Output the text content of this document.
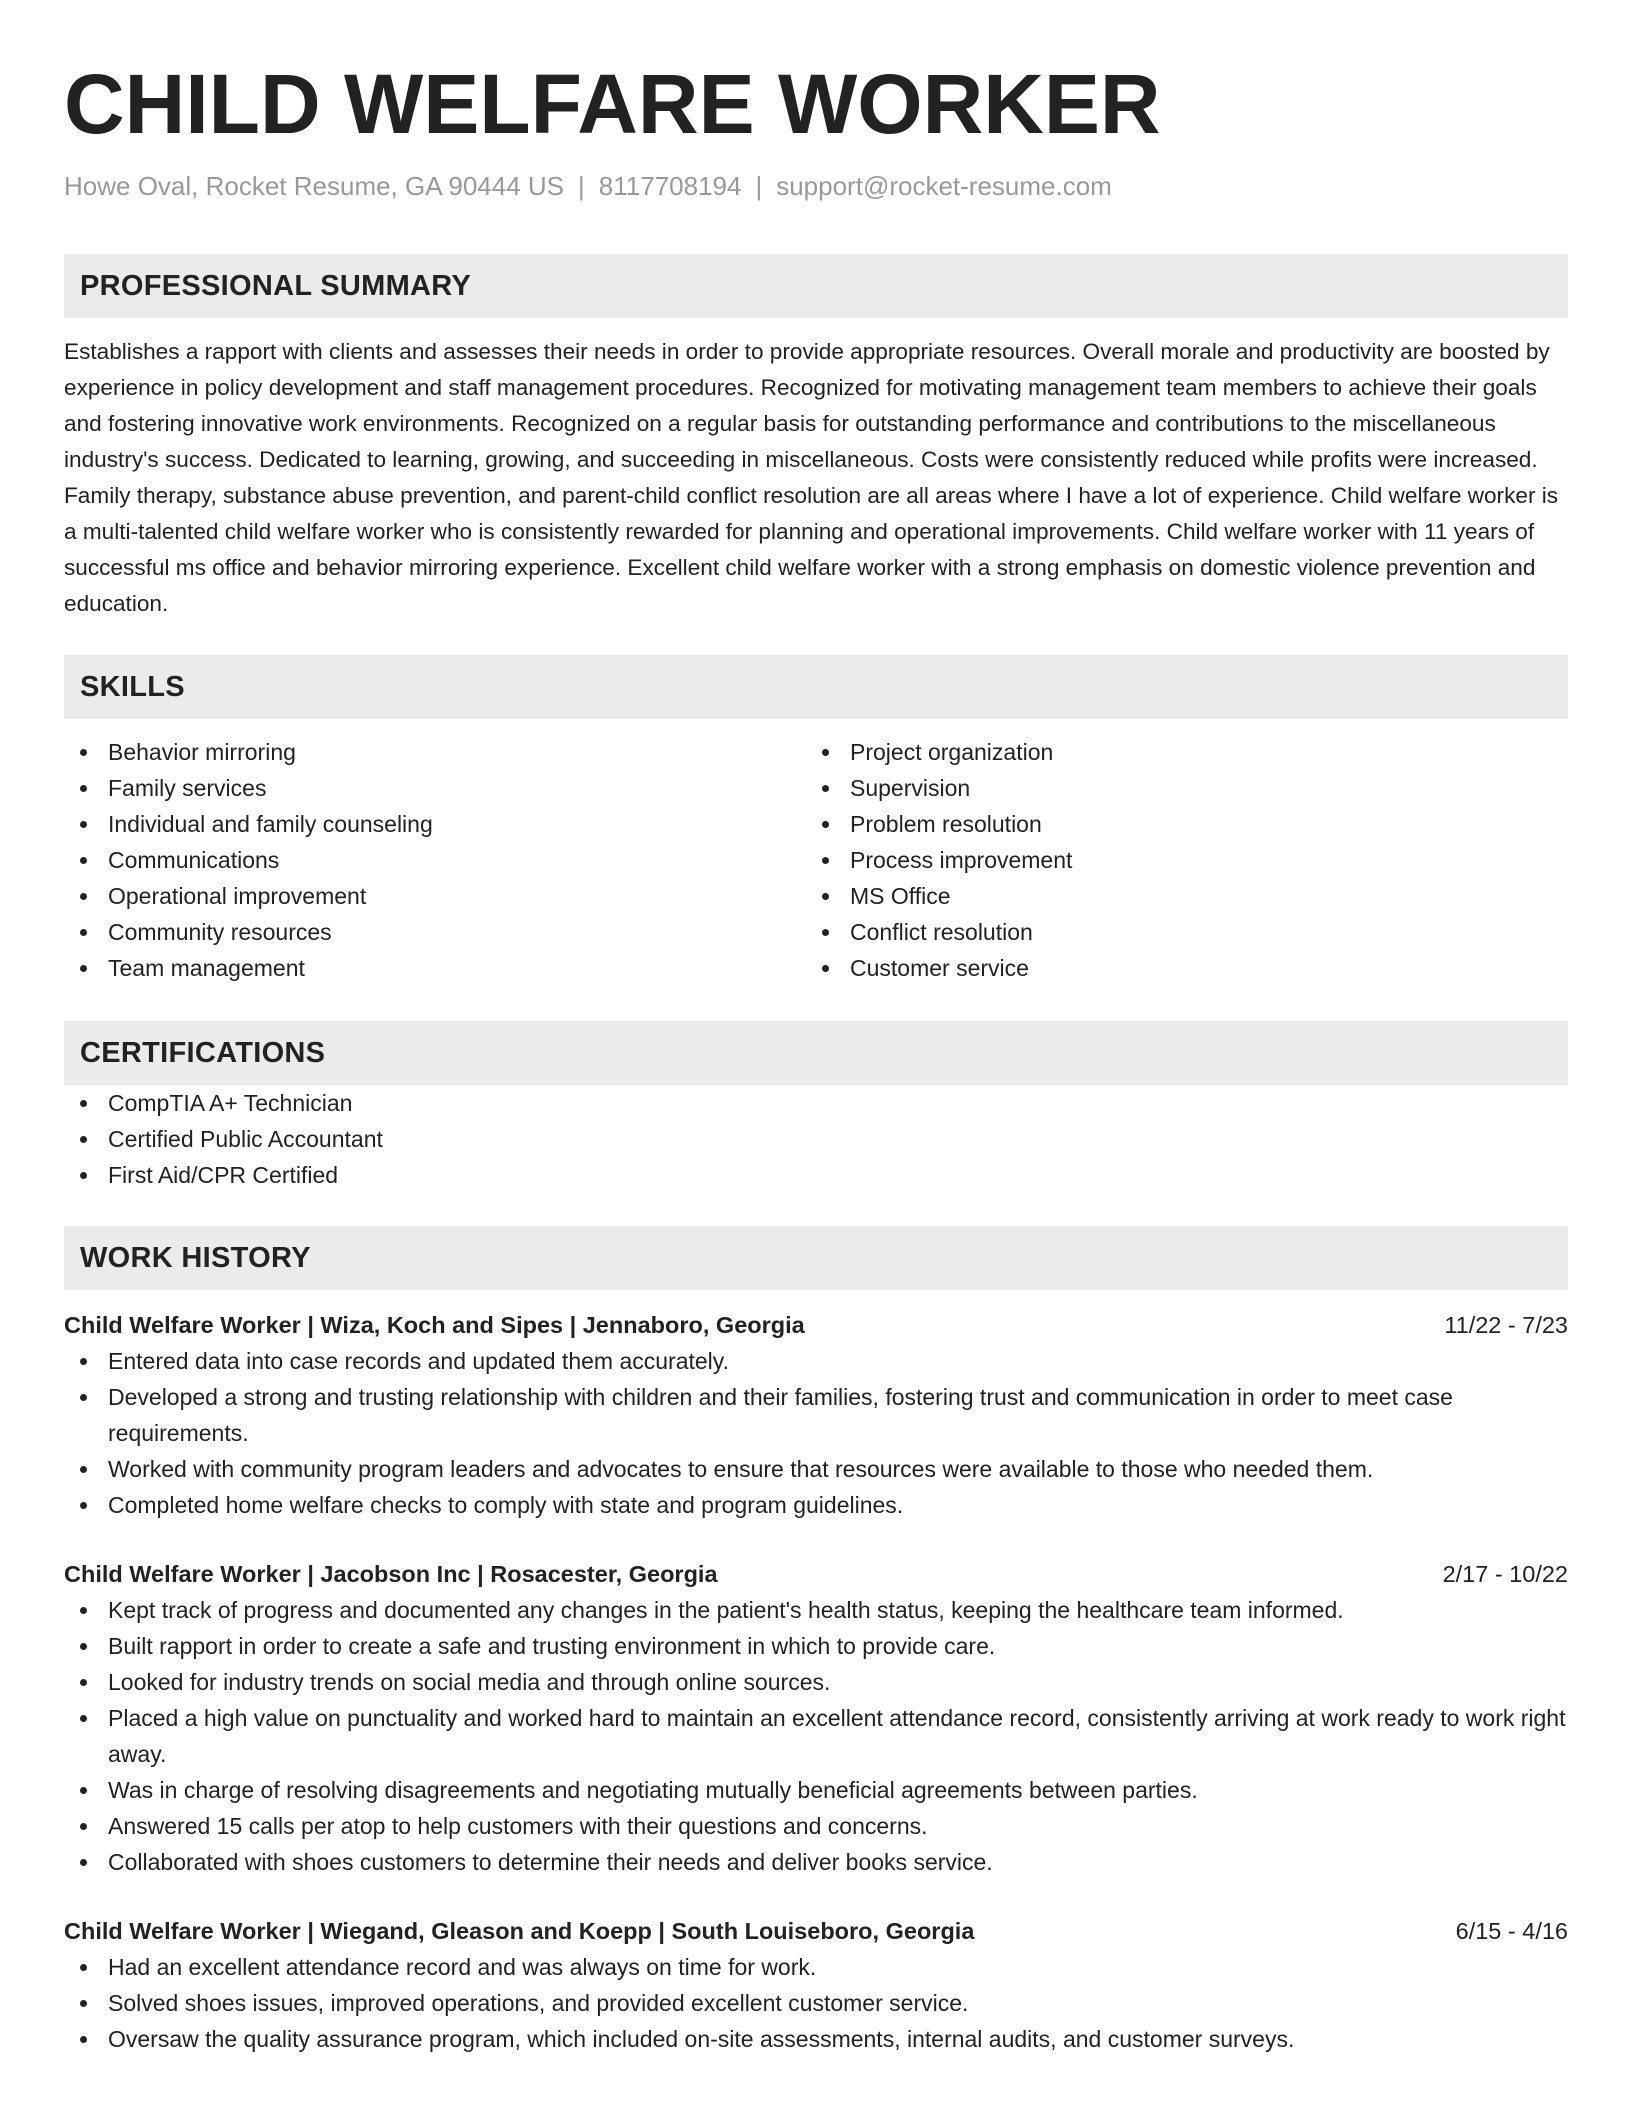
CHILD WELFARE WORKER
Howe Oval, Rocket Resume, GA 90444 US | 8117708194 | support@rocket-resume.com
PROFESSIONAL SUMMARY
Establishes a rapport with clients and assesses their needs in order to provide appropriate resources. Overall morale and productivity are boosted by experience in policy development and staff management procedures. Recognized for motivating management team members to achieve their goals and fostering innovative work environments. Recognized on a regular basis for outstanding performance and contributions to the miscellaneous industry's success. Dedicated to learning, growing, and succeeding in miscellaneous. Costs were consistently reduced while profits were increased. Family therapy, substance abuse prevention, and parent-child conflict resolution are all areas where I have a lot of experience. Child welfare worker is a multi-talented child welfare worker who is consistently rewarded for planning and operational improvements. Child welfare worker with 11 years of successful ms office and behavior mirroring experience. Excellent child welfare worker with a strong emphasis on domestic violence prevention and education.
SKILLS
Behavior mirroring
Family services
Individual and family counseling
Communications
Operational improvement
Community resources
Team management
Project organization
Supervision
Problem resolution
Process improvement
MS Office
Conflict resolution
Customer service
CERTIFICATIONS
CompTIA A+ Technician
Certified Public Accountant
First Aid/CPR Certified
WORK HISTORY
Child Welfare Worker | Wiza, Koch and Sipes | Jennaboro, Georgia	11/22 - 7/23
Entered data into case records and updated them accurately.
Developed a strong and trusting relationship with children and their families, fostering trust and communication in order to meet case requirements.
Worked with community program leaders and advocates to ensure that resources were available to those who needed them.
Completed home welfare checks to comply with state and program guidelines.
Child Welfare Worker | Jacobson Inc | Rosacester, Georgia	2/17 - 10/22
Kept track of progress and documented any changes in the patient's health status, keeping the healthcare team informed.
Built rapport in order to create a safe and trusting environment in which to provide care.
Looked for industry trends on social media and through online sources.
Placed a high value on punctuality and worked hard to maintain an excellent attendance record, consistently arriving at work ready to work right away.
Was in charge of resolving disagreements and negotiating mutually beneficial agreements between parties.
Answered 15 calls per atop to help customers with their questions and concerns.
Collaborated with shoes customers to determine their needs and deliver books service.
Child Welfare Worker | Wiegand, Gleason and Koepp | South Louiseboro, Georgia	6/15 - 4/16
Had an excellent attendance record and was always on time for work.
Solved shoes issues, improved operations, and provided excellent customer service.
Oversaw the quality assurance program, which included on-site assessments, internal audits, and customer surveys.
